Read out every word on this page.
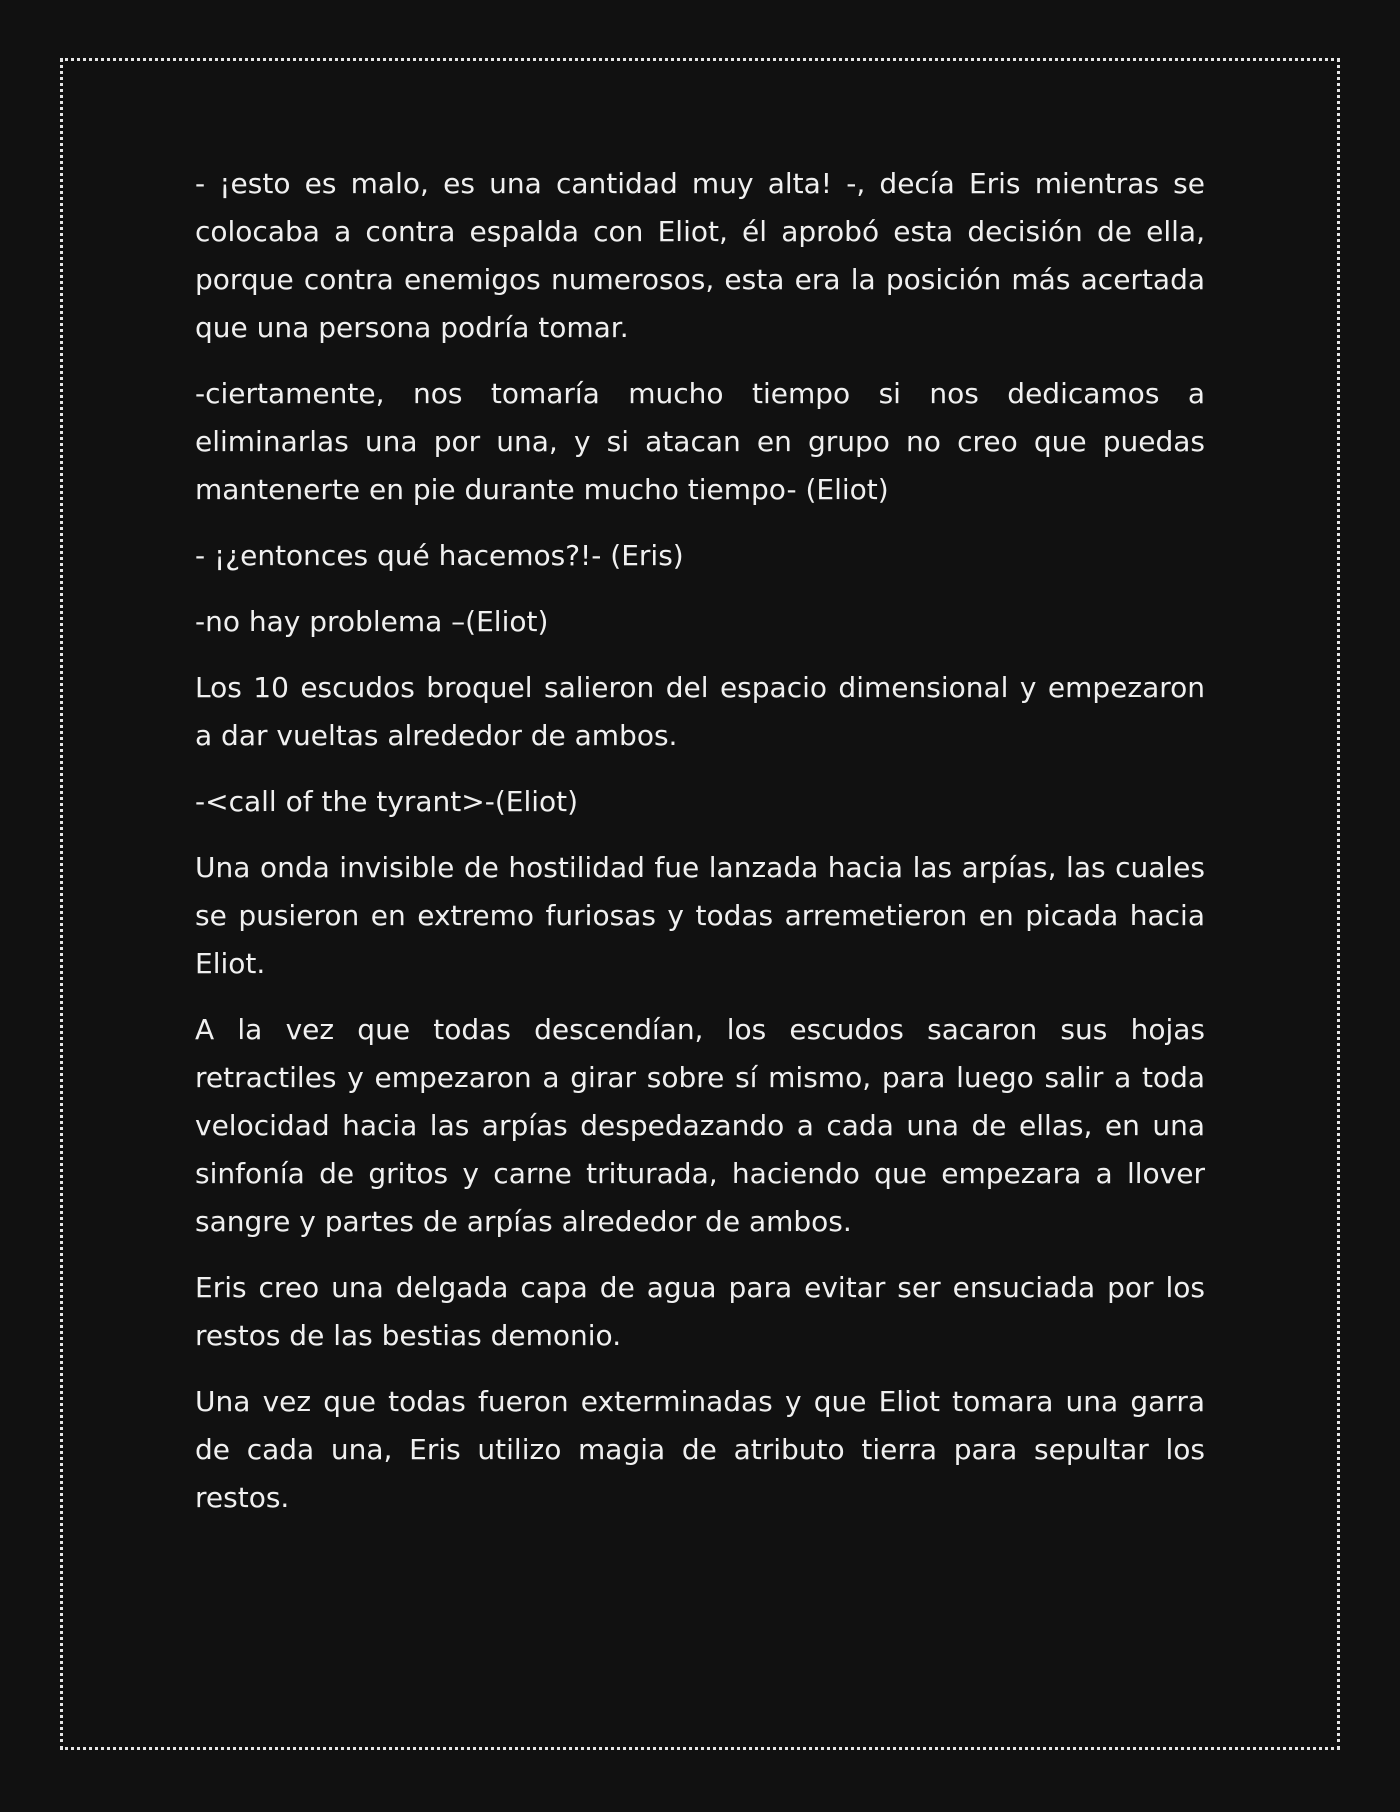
- ¡esto es malo, es una cantidad muy alta! -, decía Eris mientras se colocaba a contra espalda con Eliot, él aprobó esta decisión de ella, porque contra enemigos numerosos, esta era la posición más acertada que una persona podría tomar.

-ciertamente, nos tomaría mucho tiempo si nos dedicamos a eliminarlas una por una, y si atacan en grupo no creo que puedas mantenerte en pie durante mucho tiempo- (Eliot)

- ¡¿entonces qué hacemos?!- (Eris)

-no hay problema –(Eliot)

Los 10 escudos broquel salieron del espacio dimensional y empezaron a dar vueltas alrededor de ambos.

-<call of the tyrant>-(Eliot)

Una onda invisible de hostilidad fue lanzada hacia las arpías, las cuales se pusieron en extremo furiosas y todas arremetieron en picada hacia Eliot.

A la vez que todas descendían, los escudos sacaron sus hojas retractiles y empezaron a girar sobre sí mismo, para luego salir a toda velocidad hacia las arpías despedazando a cada una de ellas, en una sinfonía de gritos y carne triturada, haciendo que empezara a llover sangre y partes de arpías alrededor de ambos.

Eris creo una delgada capa de agua para evitar ser ensuciada por los restos de las bestias demonio.

Una vez que todas fueron exterminadas y que Eliot tomara una garra de cada una, Eris utilizo magia de atributo tierra para sepultar los restos.
